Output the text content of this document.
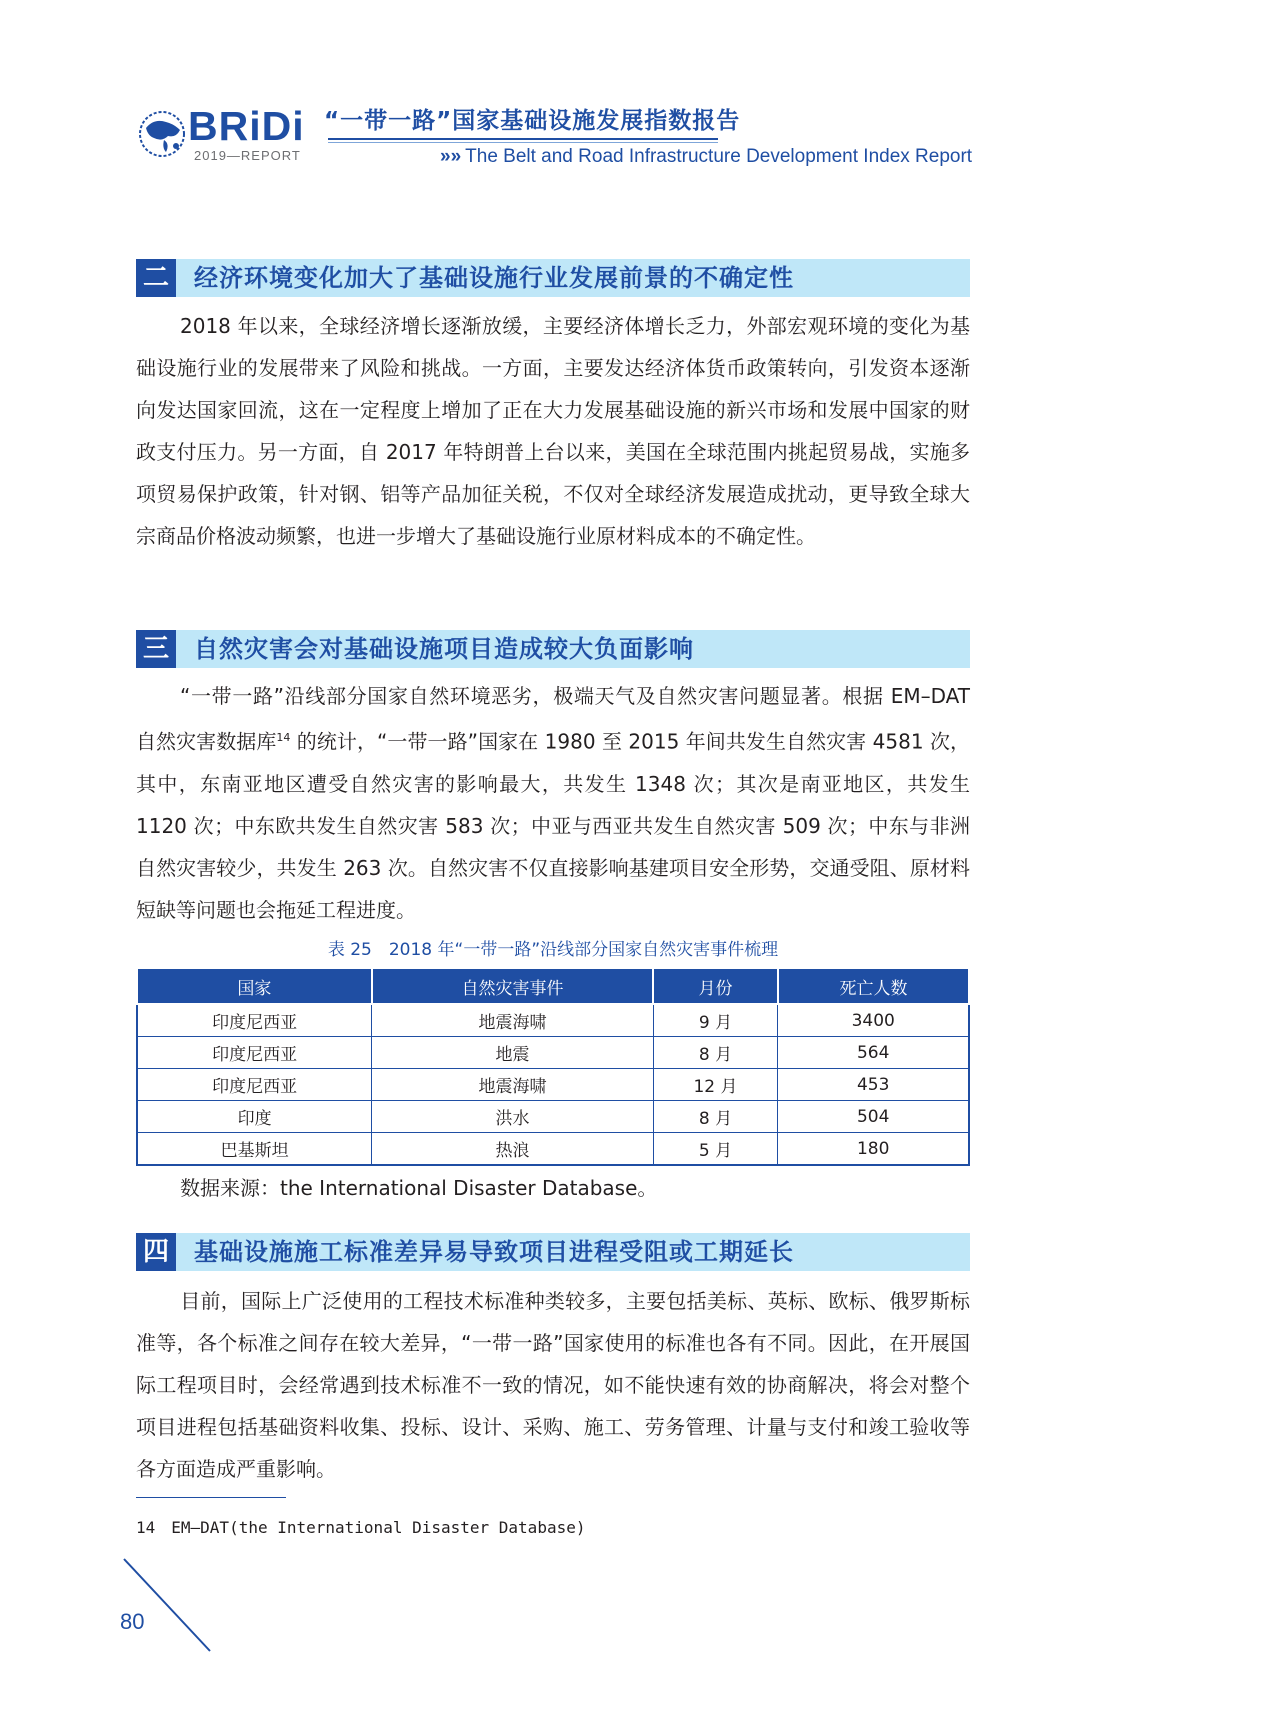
BRiDi
2019—REPORT
“一带一路”国家基础设施发展指数报告
»» The Belt and Road Infrastructure Development Index Report
二 经济环境变化加大了基础设施行业发展前景的不确定性

2018 年以来，全球经济增长逐渐放缓，主要经济体增长乏力，外部宏观环境的变化为基础设施行业的发展带来了风险和挑战。一方面，主要发达经济体货币政策转向，引发资本逐渐向发达国家回流，这在一定程度上增加了正在大力发展基础设施的新兴市场和发展中国家的财政支付压力。另一方面，自 2017 年特朗普上台以来，美国在全球范围内挑起贸易战，实施多项贸易保护政策，针对钢、铝等产品加征关税，不仅对全球经济发展造成扰动，更导致全球大宗商品价格波动频繁，也进一步增大了基础设施行业原材料成本的不确定性。

三 自然灾害会对基础设施项目造成较大负面影响

“一带一路”沿线部分国家自然环境恶劣，极端天气及自然灾害问题显著。根据 EM–DAT 自然灾害数据库$^{14}$ 的统计，“一带一路”国家在 1980 至 2015 年间共发生自然灾害 4581 次，其中，东南亚地区遭受自然灾害的影响最大，共发生 1348 次；其次是南亚地区，共发生 1120 次；中东欧共发生自然灾害 583 次；中亚与西亚共发生自然灾害 509 次；中东与非洲自然灾害较少，共发生 263 次。自然灾害不仅直接影响基建项目安全形势，交通受阻、原材料短缺等问题也会拖延工程进度。

表 25　2018 年“一带一路”沿线部分国家自然灾害事件梳理
国家	自然灾害事件	月份	死亡人数
印度尼西亚	地震海啸	9 月	3400
印度尼西亚	地震	8 月	564
印度尼西亚	地震海啸	12 月	453
印度	洪水	8 月	504
巴基斯坦	热浪	5 月	180
数据来源：the International Disaster Database。
四 基础设施施工标准差异易导致项目进程受阻或工期延长

目前，国际上广泛使用的工程技术标准种类较多，主要包括美标、英标、欧标、俄罗斯标准等，各个标准之间存在较大差异，“一带一路”国家使用的标准也各有不同。因此，在开展国际工程项目时，会经常遇到技术标准不一致的情况，如不能快速有效的协商解决，将会对整个项目进程包括基础资料收集、投标、设计、采购、施工、劳务管理、计量与支付和竣工验收等各方面造成严重影响。

14　EM–DAT(the International Disaster Database)
80
